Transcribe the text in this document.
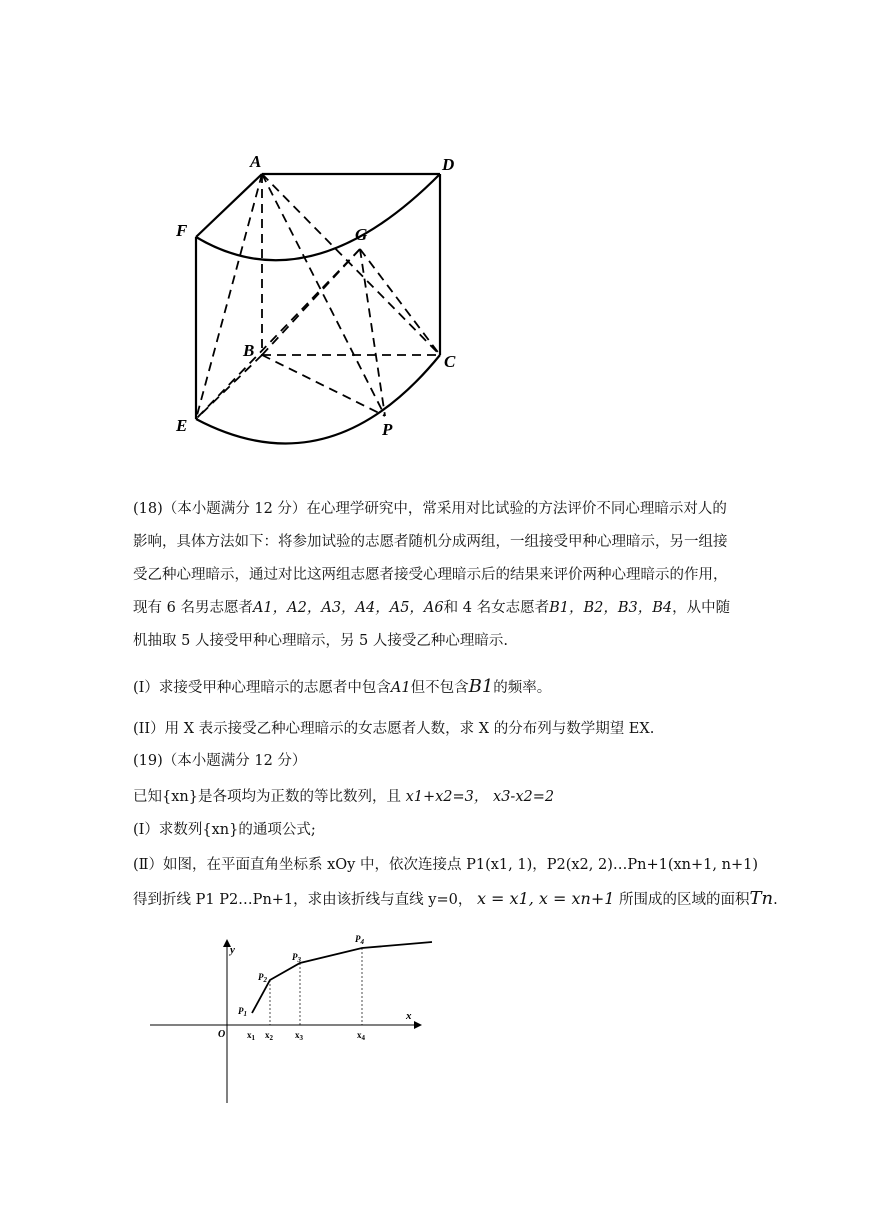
A	D
F	G
B
C
E	P

(18)（本小题满分 12 分）在心理学研究中，常采用对比试验的方法评价不同心理暗示对人的影响，具体方法如下：将参加试验的志愿者随机分成两组，一组接受甲种心理暗示，另一组接受乙种心理暗示，通过对比这两组志愿者接受心理暗示后的结果来评价两种心理暗示的作用，现有 6 名男志愿者A1，A2，A3，A4，A5，A6和 4 名女志愿者B1，B2，B3，B4，从中随机抽取 5 人接受甲种心理暗示，另 5 人接受乙种心理暗示.

(I）求接受甲种心理暗示的志愿者中包含A1但不包含B1的频率。

(II）用 X 表示接受乙种心理暗示的女志愿者人数，求 X 的分布列与数学期望 EX.

(19)（本小题满分 12 分）

已知{xn}是各项均为正数的等比数列，且 x1+x2=3， x3-x2=2

(Ⅰ）求数列{xn}的通项公式;

(Ⅱ）如图，在平面直角坐标系 xOy 中，依次连接点 P1(x1, 1)，P2(x2, 2)…Pn+1(xn+1, n+1)

得到折线 P1 P2…Pn+1，求由该折线与直线 y=0， x = x1, x = xn+1 所围成的区域的面积Tn.

y
x
O
$P_1$
$P_2$
$P_3$
$P_4$
$x_1$ $x_2$ $x_3$	$x_4$
